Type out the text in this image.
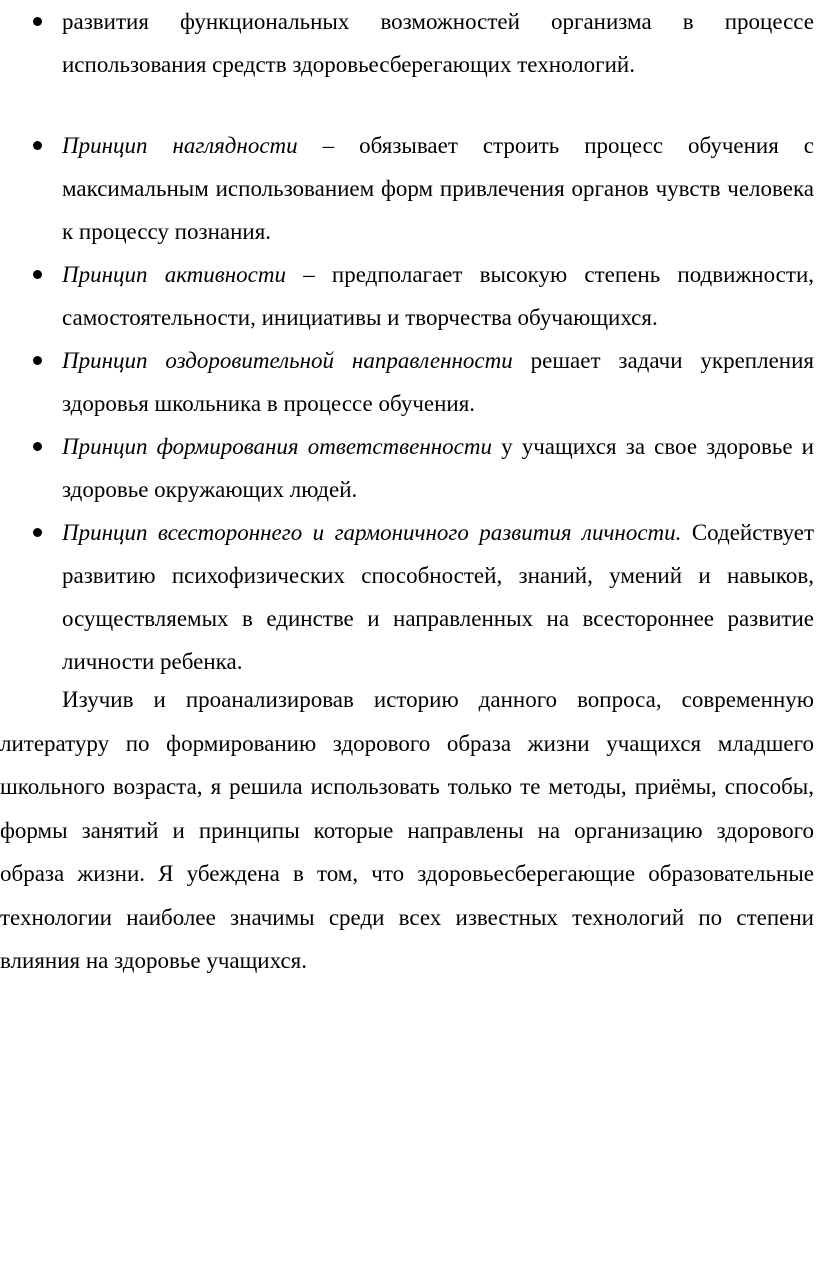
развития функциональных возможностей организма в процессе использования средств здоровьесберегающих технологий.
Принцип наглядности – обязывает строить процесс обучения с максимальным использованием форм привлечения органов чувств человека к процессу познания.
Принцип активности – предполагает высокую степень подвижности, самостоятельности, инициативы и творчества обучающихся.
Принцип оздоровительной направленности решает задачи укрепления здоровья школьника в процессе обучения.
Принцип формирования ответственности у учащихся за свое здоровье и здоровье окружающих людей.
Принцип всестороннего и гармоничного развития личности. Содействует развитию психофизических способностей, знаний, умений и навыков, осуществляемых в единстве и направленных на всестороннее развитие личности ребенка.

Изучив и проанализировав историю данного вопроса, современную литературу по формированию здорового образа жизни учащихся младшего школьного возраста, я решила использовать только те методы, приёмы, способы, формы занятий и принципы которые направлены на организацию здорового образа жизни. Я убеждена в том, что здоровьесберегающие образовательные технологии наиболее значимы среди всех известных технологий по степени влияния на здоровье учащихся.
